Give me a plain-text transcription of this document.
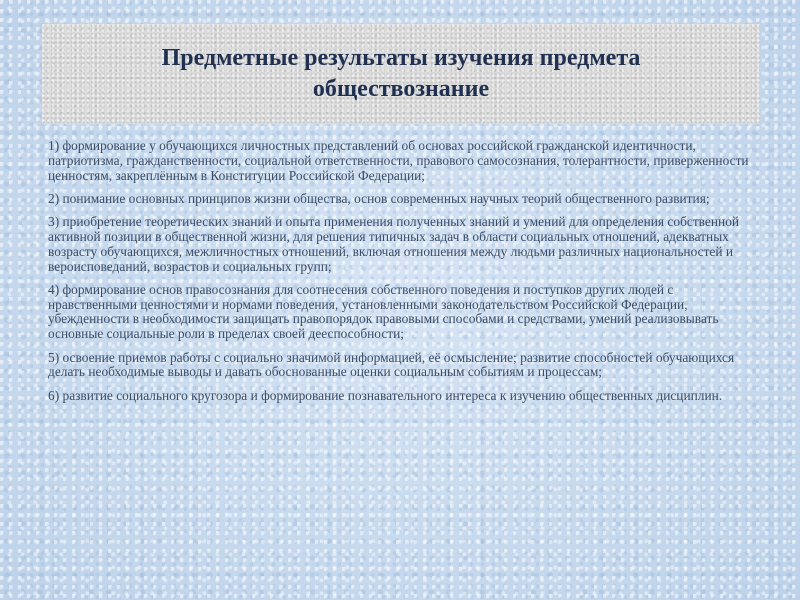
Предметные результаты изучения предмета обществознание

1) формирование у обучающихся личностных представлений об основах российской гражданской идентичности, патриотизма, гражданственности, социальной ответственности, правового самосознания, толерантности, приверженности ценностям, закреплённым в Конституции Российской Федерации;

2) понимание основных принципов жизни общества, основ современных научных теорий общественного развития;

3) приобретение теоретических знаний и опыта применения полученных знаний и умений для определения собственной активной позиции в общественной жизни, для решения типичных задач в области социальных отношений, адекватных возрасту обучающихся, межличностных отношений, включая отношения между людьми различных национальностей и вероисповеданий, возрастов и социальных групп;

4) формирование основ правосознания для соотнесения собственного поведения и поступков других людей с нравственными ценностями и нормами поведения, установленными законодательством Российской Федерации, убежденности в необходимости защищать правопорядок правовыми способами и средствами, умений реализовывать основные социальные роли в пределах своей дееспособности;

5) освоение приемов работы с социально значимой информацией, её осмысление; развитие способностей обучающихся делать необходимые выводы и давать обоснованные оценки социальным событиям и процессам;

6) развитие социального кругозора и формирование познавательного интереса к изучению общественных дисциплин.
